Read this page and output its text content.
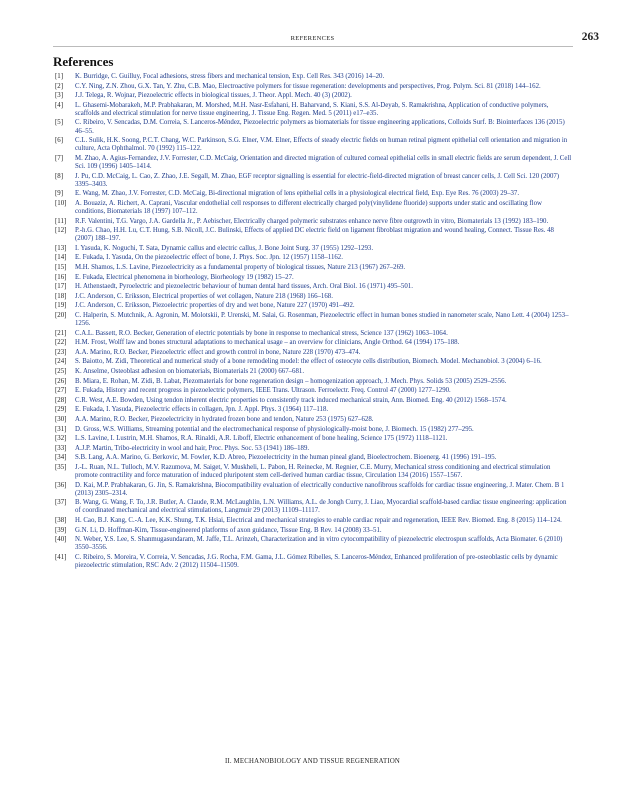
REFERENCES	263
References
[1]	K. Burridge, C. Guilluy, Focal adhesions, stress fibers and mechanical tension, Exp. Cell Res. 343 (2016) 14–20.
[2]	C.Y. Ning, Z.N. Zhou, G.X. Tan, Y. Zhu, C.B. Mao, Electroactive polymers for tissue regeneration: developments and perspectives, Prog. Polym. Sci. 81 (2018) 144–162.
[3]	J.J. Telega, R. Wojnar, Piezoelectric effects in biological tissues, J. Theor. Appl. Mech. 40 (3) (2002).
[4]	L. Ghasemi-Mobarakeh, M.P. Prabhakaran, M. Morshed, M.H. Nasr-Esfahani, H. Baharvand, S. Kiani, S.S. Al-Deyab, S. Ramakrishna, Application of conductive polymers, scaffolds and electrical stimulation for nerve tissue engineering, J. Tissue Eng. Regen. Med. 5 (2011) e17–e35.
[5]	C. Ribeiro, V. Sencadas, D.M. Correia, S. Lanceros-Méndez, Piezoelectric polymers as biomaterials for tissue engineering applications, Colloids Surf. B: Biointerfaces 136 (2015) 46–55.
[6]	C.L. Sulik, H.K. Soong, P.C.T. Chang, W.C. Parkinson, S.G. Elner, V.M. Elner, Effects of steady electric fields on human retinal pigment epithelial cell orientation and migration in culture, Acta Ophthalmol. 70 (1992) 115–122.
[7]	M. Zhao, A. Agius-Fernandez, J.V. Forrester, C.D. McCaig, Orientation and directed migration of cultured corneal epithelial cells in small electric fields are serum dependent, J. Cell Sci. 109 (1996) 1405–1414.
[8]	J. Pu, C.D. McCaig, L. Cao, Z. Zhao, J.E. Segall, M. Zhao, EGF receptor signalling is essential for electric-field-directed migration of breast cancer cells, J. Cell Sci. 120 (2007) 3395–3403.
[9]	E. Wang, M. Zhao, J.V. Forrester, C.D. McCaig, Bi-directional migration of lens epithelial cells in a physiological electrical field, Exp. Eye Res. 76 (2003) 29–37.
[10]	A. Bouaziz, A. Richert, A. Caprani, Vascular endothelial cell responses to different electrically charged poly(vinylidene fluoride) supports under static and oscillating flow conditions, Biomaterials 18 (1997) 107–112.
[11]	R.F. Valentini, T.G. Vargo, J.A. Gardella Jr., P. Aebischer, Electrically charged polymeric substrates enhance nerve fibre outgrowth in vitro, Biomaterials 13 (1992) 183–190.
[12]	P.-h.G. Chao, H.H. Lu, C.T. Hung, S.B. Nicoll, J.C. Bulinski, Effects of applied DC electric field on ligament fibroblast migration and wound healing, Connect. Tissue Res. 48 (2007) 188–197.
[13]	I. Yasuda, K. Noguchi, T. Sata, Dynamic callus and electric callus, J. Bone Joint Surg. 37 (1955) 1292–1293.
[14]	E. Fukada, I. Yasuda, On the piezoelectric effect of bone, J. Phys. Soc. Jpn. 12 (1957) 1158–1162.
[15]	M.H. Shamos, L.S. Lavine, Piezoelectricity as a fundamental property of biological tissues, Nature 213 (1967) 267–269.
[16]	E. Fukada, Electrical phenomena in biorheology, Biorheology 19 (1982) 15–27.
[17]	H. Athenstaedt, Pyroelectric and piezoelectric behaviour of human dental hard tissues, Arch. Oral Biol. 16 (1971) 495–501.
[18]	J.C. Anderson, C. Eriksson, Electrical properties of wet collagen, Nature 218 (1968) 166–168.
[19]	J.C. Anderson, C. Eriksson, Piezoelectric properties of dry and wet bone, Nature 227 (1970) 491–492.
[20]	C. Halperin, S. Mutchnik, A. Agronin, M. Molotskii, P. Urenski, M. Salai, G. Rosenman, Piezoelectric effect in human bones studied in nanometer scale, Nano Lett. 4 (2004) 1253–1256.
[21]	C.A.L. Bassett, R.O. Becker, Generation of electric potentials by bone in response to mechanical stress, Science 137 (1962) 1063–1064.
[22]	H.M. Frost, Wolff law and bones structural adaptations to mechanical usage – an overview for clinicians, Angle Orthod. 64 (1994) 175–188.
[23]	A.A. Marino, R.O. Becker, Piezoelectric effect and growth control in bone, Nature 228 (1970) 473–474.
[24]	S. Baiotto, M. Zidi, Theoretical and numerical study of a bone remodeling model: the effect of osteocyte cells distribution, Biomech. Model. Mechanobiol. 3 (2004) 6–16.
[25]	K. Anselme, Osteoblast adhesion on biomaterials, Biomaterials 21 (2000) 667–681.
[26]	B. Miara, E. Rohan, M. Zidi, B. Labat, Piezomaterials for bone regeneration design – homogenization approach, J. Mech. Phys. Solids 53 (2005) 2529–2556.
[27]	E. Fukada, History and recent progress in piezoelectric polymers, IEEE Trans. Ultrason. Ferroelectr. Freq. Control 47 (2000) 1277–1290.
[28]	C.R. West, A.E. Bowden, Using tendon inherent electric properties to consistently track induced mechanical strain, Ann. Biomed. Eng. 40 (2012) 1568–1574.
[29]	E. Fukada, I. Yasuda, Piezoelectric effects in collagen, Jpn. J. Appl. Phys. 3 (1964) 117–118.
[30]	A.A. Marino, R.O. Becker, Piezoelectricity in hydrated frozen bone and tendon, Nature 253 (1975) 627–628.
[31]	D. Gross, W.S. Williams, Streaming potential and the electromechanical response of physiologically-moist bone, J. Biomech. 15 (1982) 277–295.
[32]	L.S. Lavine, I. Lustrin, M.H. Shamos, R.A. Rinaldi, A.R. Liboff, Electric enhancement of bone healing, Science 175 (1972) 1118–1121.
[33]	A.J.P. Martin, Tribo-electricity in wool and hair, Proc. Phys. Soc. 53 (1941) 186–189.
[34]	S.B. Lang, A.A. Marino, G. Berkovic, M. Fowler, K.D. Abreo, Piezoelectricity in the human pineal gland, Bioelectrochem. Bioenerg. 41 (1996) 191–195.
[35]	J.-L. Ruan, N.L. Tulloch, M.V. Razumova, M. Saiget, V. Muskheli, L. Pabon, H. Reinecke, M. Regnier, C.E. Murry, Mechanical stress conditioning and electrical stimulation promote contractility and force maturation of induced pluripotent stem cell-derived human cardiac tissue, Circulation 134 (2016) 1557–1567.
[36]	D. Kai, M.P. Prabhakaran, G. Jin, S. Ramakrishna, Biocompatibility evaluation of electrically conductive nanofibrous scaffolds for cardiac tissue engineering, J. Mater. Chem. B 1 (2013) 2305–2314.
[37]	B. Wang, G. Wang, F. To, J.R. Butler, A. Claude, R.M. McLaughlin, L.N. Williams, A.L. de Jongh Curry, J. Liao, Myocardial scaffold-based cardiac tissue engineering: application of coordinated mechanical and electrical stimulations, Langmuir 29 (2013) 11109–11117.
[38]	H. Cao, B.J. Kang, C.-A. Lee, K.K. Shung, T.K. Hsiai, Electrical and mechanical strategies to enable cardiac repair and regeneration, IEEE Rev. Biomed. Eng. 8 (2015) 114–124.
[39]	G.N. Li, D. Hoffman-Kim, Tissue-engineered platforms of axon guidance, Tissue Eng. B Rev. 14 (2008) 33–51.
[40]	N. Weber, Y.S. Lee, S. Shanmugasundaram, M. Jaffe, T.L. Arinzeh, Characterization and in vitro cytocompatibility of piezoelectric electrospun scaffolds, Acta Biomater. 6 (2010) 3550–3556.
[41]	C. Ribeiro, S. Moreira, V. Correia, V. Sencadas, J.G. Rocha, F.M. Gama, J.L. Gómez Ribelles, S. Lanceros-Méndez, Enhanced proliferation of pre-osteoblastic cells by dynamic piezoelectric stimulation, RSC Adv. 2 (2012) 11504–11509.
II. MECHANOBIOLOGY AND TISSUE REGENERATION
